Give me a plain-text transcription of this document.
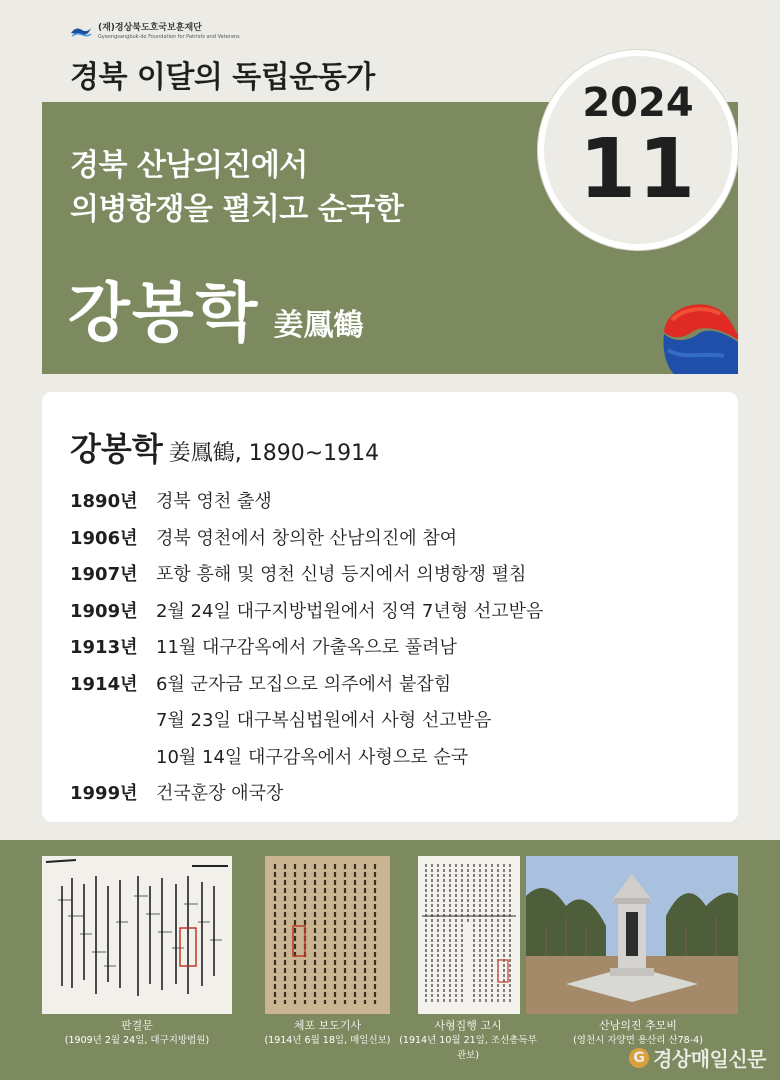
(재)경상북도호국보훈재단
Gyeongsangbuk-do Foundation for Patriots and Veterans
경북 이달의 독립운동가
경북 산남의진에서
의병항쟁을 펼치고 순국한
강봉학 姜鳳鶴
2024
11
강봉학 姜鳳鶴, 1890~1914
1890년	경북 영천 출생
1906년	경북 영천에서 창의한 산남의진에 참여
1907년	포항 흥해 및 영천 신녕 등지에서 의병항쟁 펼침
1909년	2월 24일 대구지방법원에서 징역 7년형 선고받음
1913년	11월 대구감옥에서 가출옥으로 풀려남
1914년	6월 군자금 모집으로 의주에서 붙잡힘
7월 23일 대구복심법원에서 사형 선고받음
10월 14일 대구감옥에서 사형으로 순국
1999년	건국훈장 애국장
판결문
(1909년 2월 24일, 대구지방법원)
체포 보도기사
(1914년 6월 18일, 매일신보)
사형집행 고시
(1914년 10월 21일, 조선총독부 관보)
산남의진 추모비
(영천시 자양면 용산리 산78-4)
G 경상매일신문
